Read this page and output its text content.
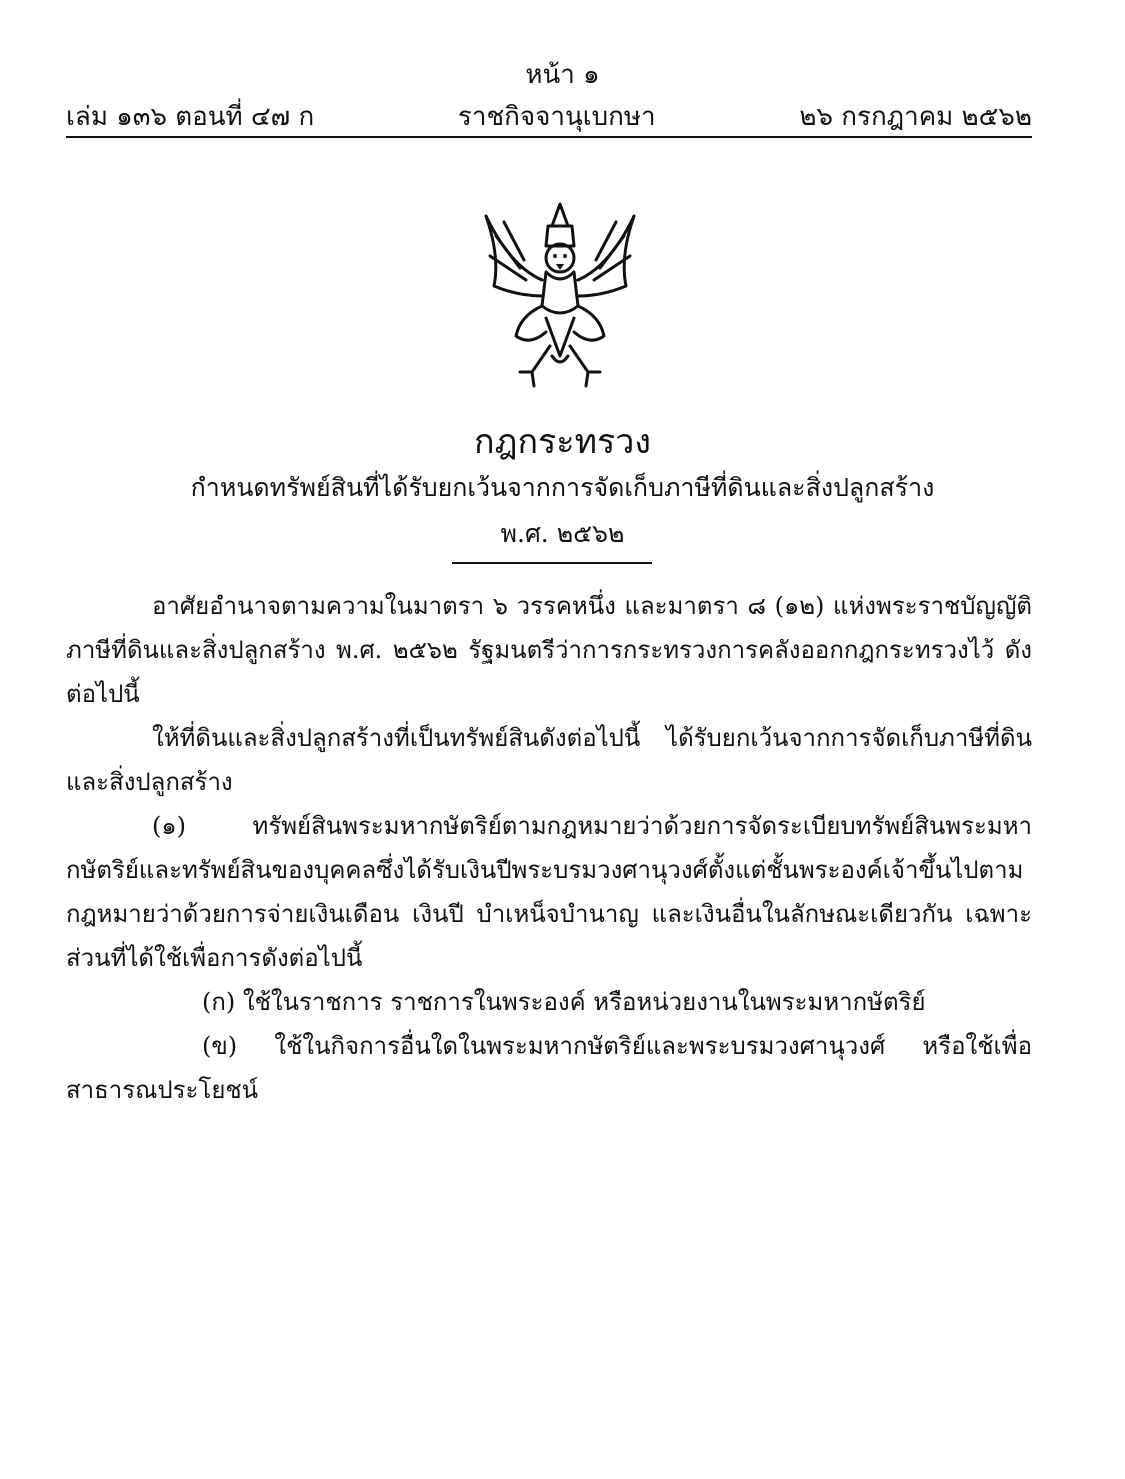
หน้า ๑
เล่ม ๑๓๖ ตอนที่ ๔๗ ก	ราชกิจจานุเบกษา	๒๖ กรกฎาคม ๒๕๖๒
กฎกระทรวง
กำหนดทรัพย์สินที่ได้รับยกเว้นจากการจัดเก็บภาษีที่ดินและสิ่งปลูกสร้าง
พ.ศ. ๒๕๖๒

อาศัยอำนาจตามความในมาตรา ๖ วรรคหนึ่ง และมาตรา ๘ (๑๒) แห่งพระราชบัญญัติภาษีที่ดินและสิ่งปลูกสร้าง พ.ศ. ๒๕๖๒ รัฐมนตรีว่าการกระทรวงการคลังออกกฎกระทรวงไว้ ดังต่อไปนี้

ให้ที่ดินและสิ่งปลูกสร้างที่เป็นทรัพย์สินดังต่อไปนี้ ได้รับยกเว้นจากการจัดเก็บภาษีที่ดินและสิ่งปลูกสร้าง

(๑) ทรัพย์สินพระมหากษัตริย์ตามกฎหมายว่าด้วยการจัดระเบียบทรัพย์สินพระมหากษัตริย์และทรัพย์สินของบุคคลซึ่งได้รับเงินปีพระบรมวงศานุวงศ์ตั้งแต่ชั้นพระองค์เจ้าขึ้นไปตามกฎหมายว่าด้วยการจ่ายเงินเดือน เงินปี บำเหน็จบำนาญ และเงินอื่นในลักษณะเดียวกัน เฉพาะส่วนที่ได้ใช้เพื่อการดังต่อไปนี้

(ก) ใช้ในราชการ ราชการในพระองค์ หรือหน่วยงานในพระมหากษัตริย์

(ข) ใช้ในกิจการอื่นใดในพระมหากษัตริย์และพระบรมวงศานุวงศ์ หรือใช้เพื่อสาธารณประโยชน์
